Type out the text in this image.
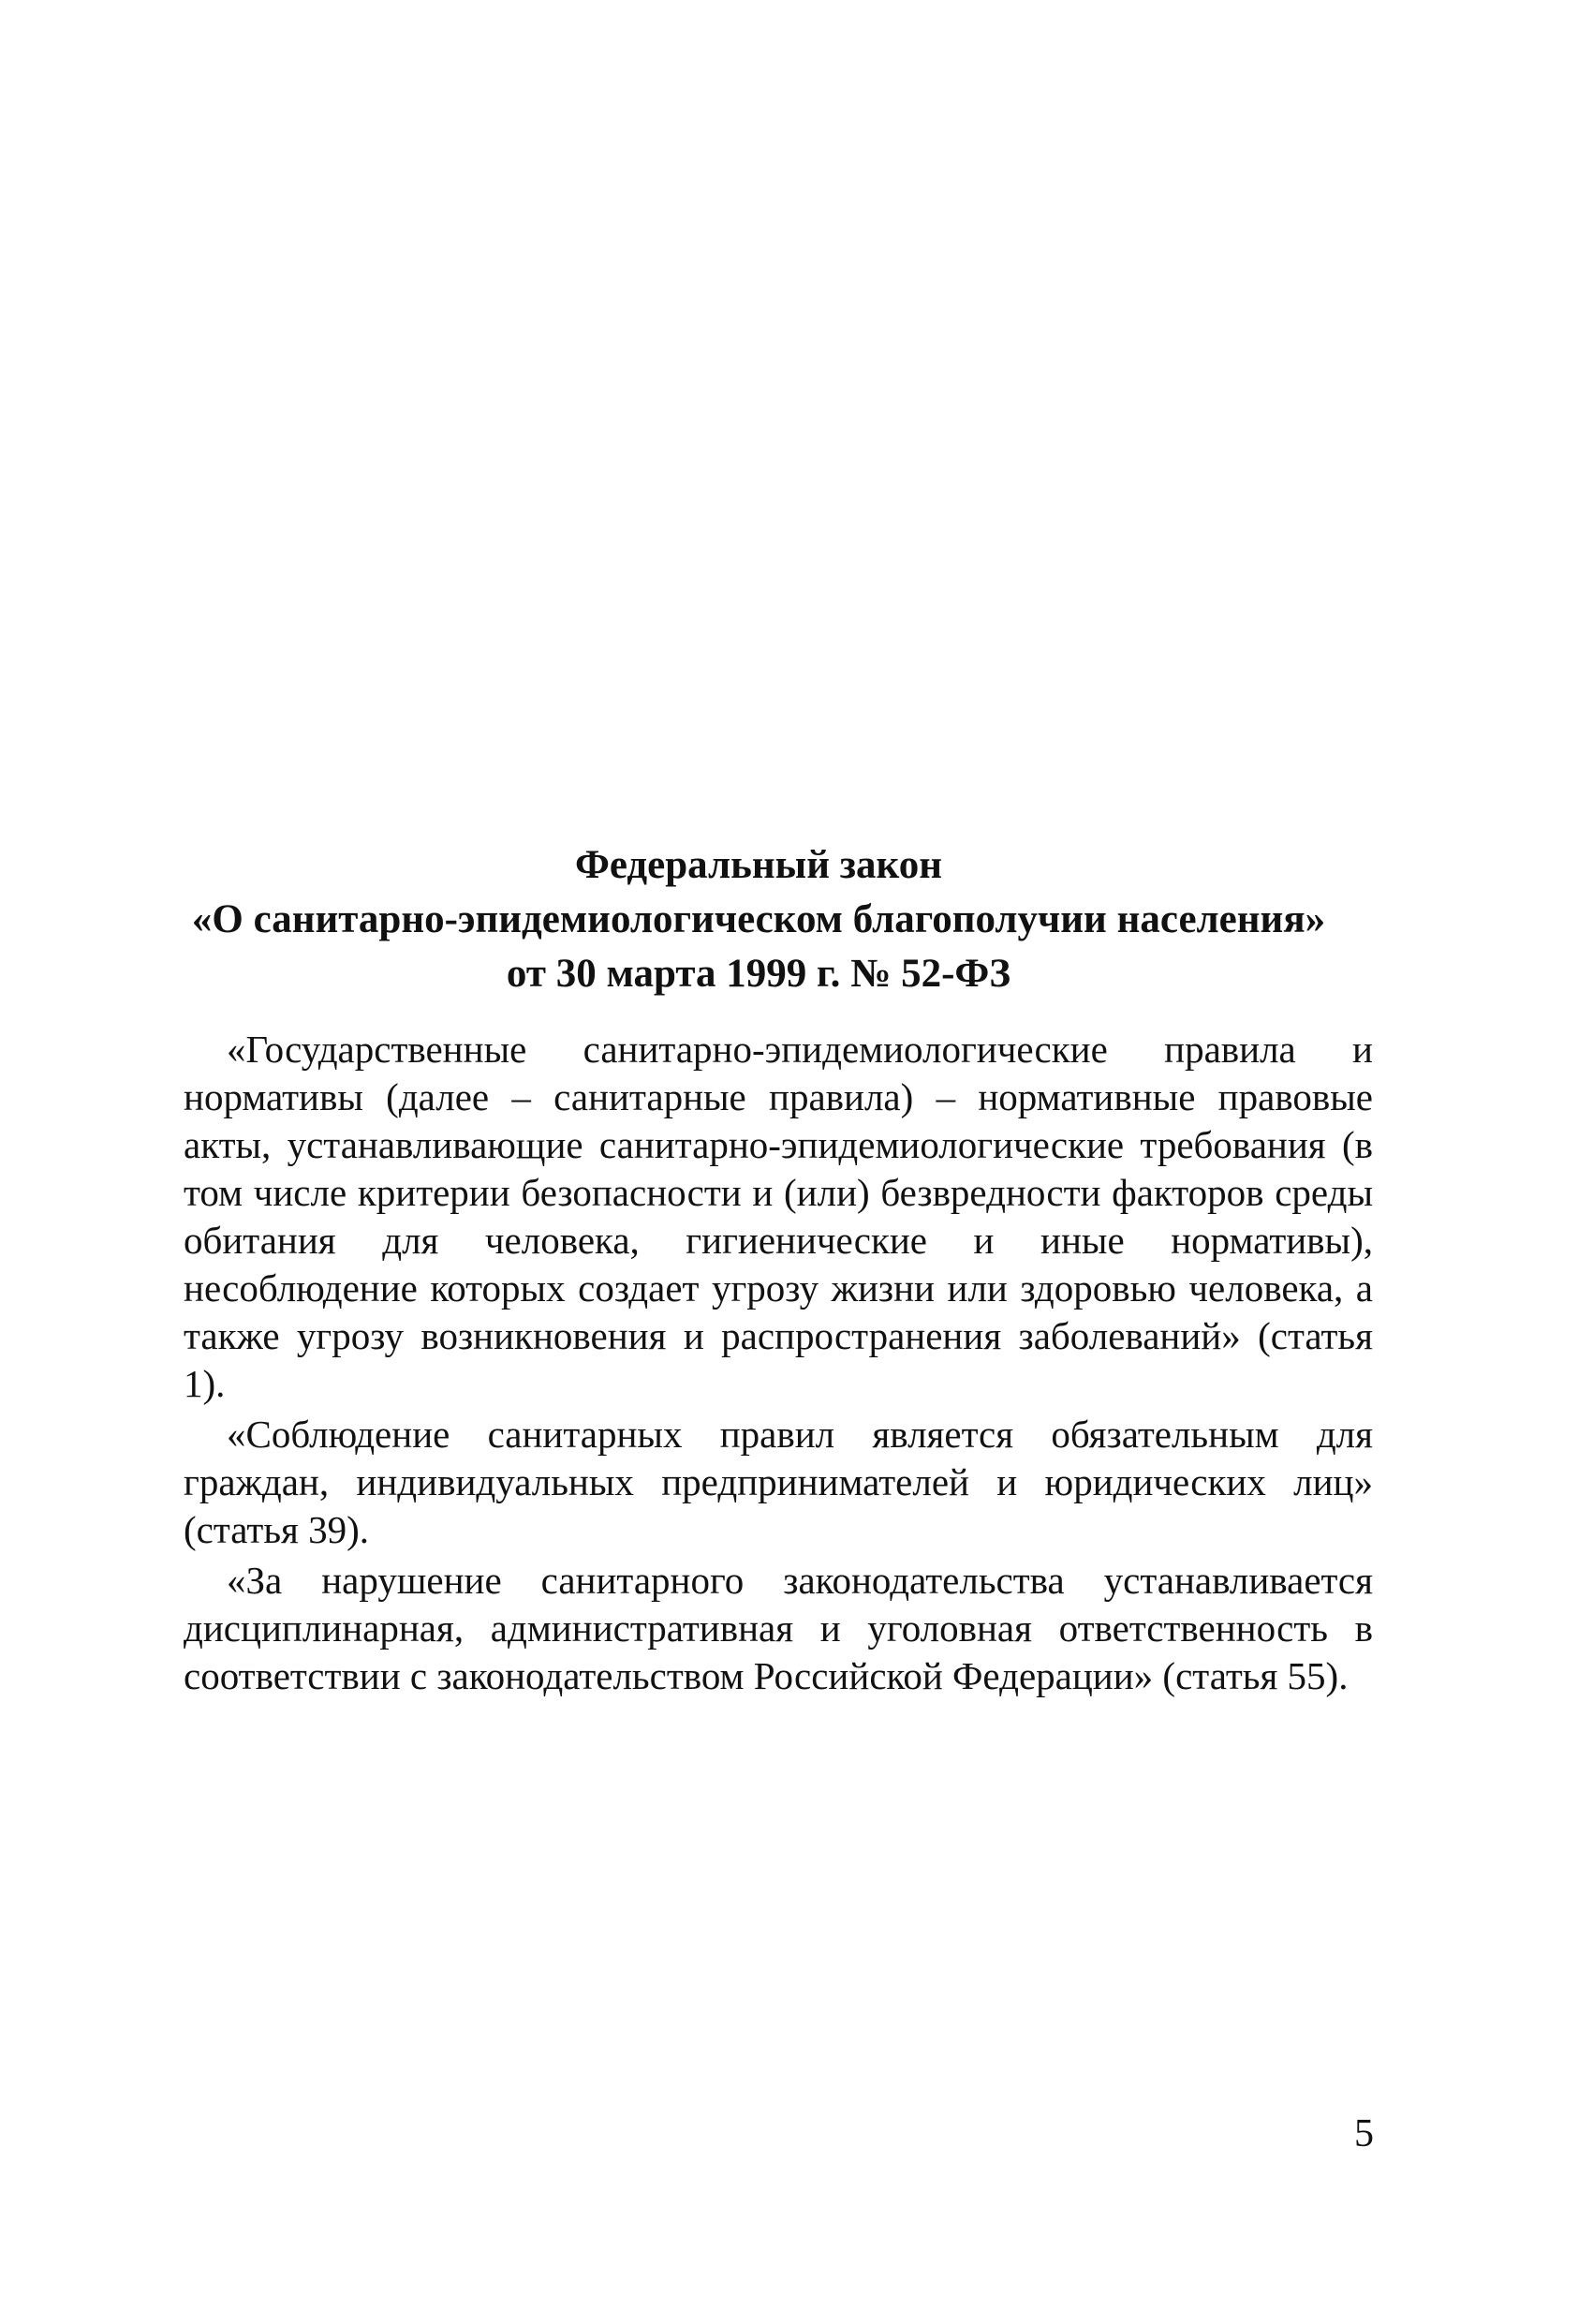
Федеральный закон
«О санитарно-эпидемиологическом благополучии населения»
от 30 марта 1999 г. № 52-ФЗ

«Государственные санитарно-эпидемиологические правила и нормативы (далее – санитарные правила) – нормативные правовые акты, устанавливающие санитарно-эпидемиологические требования (в том числе критерии безопасности и (или) безвредности факторов среды обитания для человека, гигиенические и иные нормативы), несоблюдение которых создает угрозу жизни или здоровью человека, а также угрозу возникновения и распространения заболеваний» (статья 1).

«Соблюдение санитарных правил является обязательным для граждан, индивидуальных предпринимателей и юридических лиц» (статья 39).

«За нарушение санитарного законодательства устанавливается дисциплинарная, административная и уголовная ответственность в соответствии с законодательством Российской Федерации» (статья 55).

5
